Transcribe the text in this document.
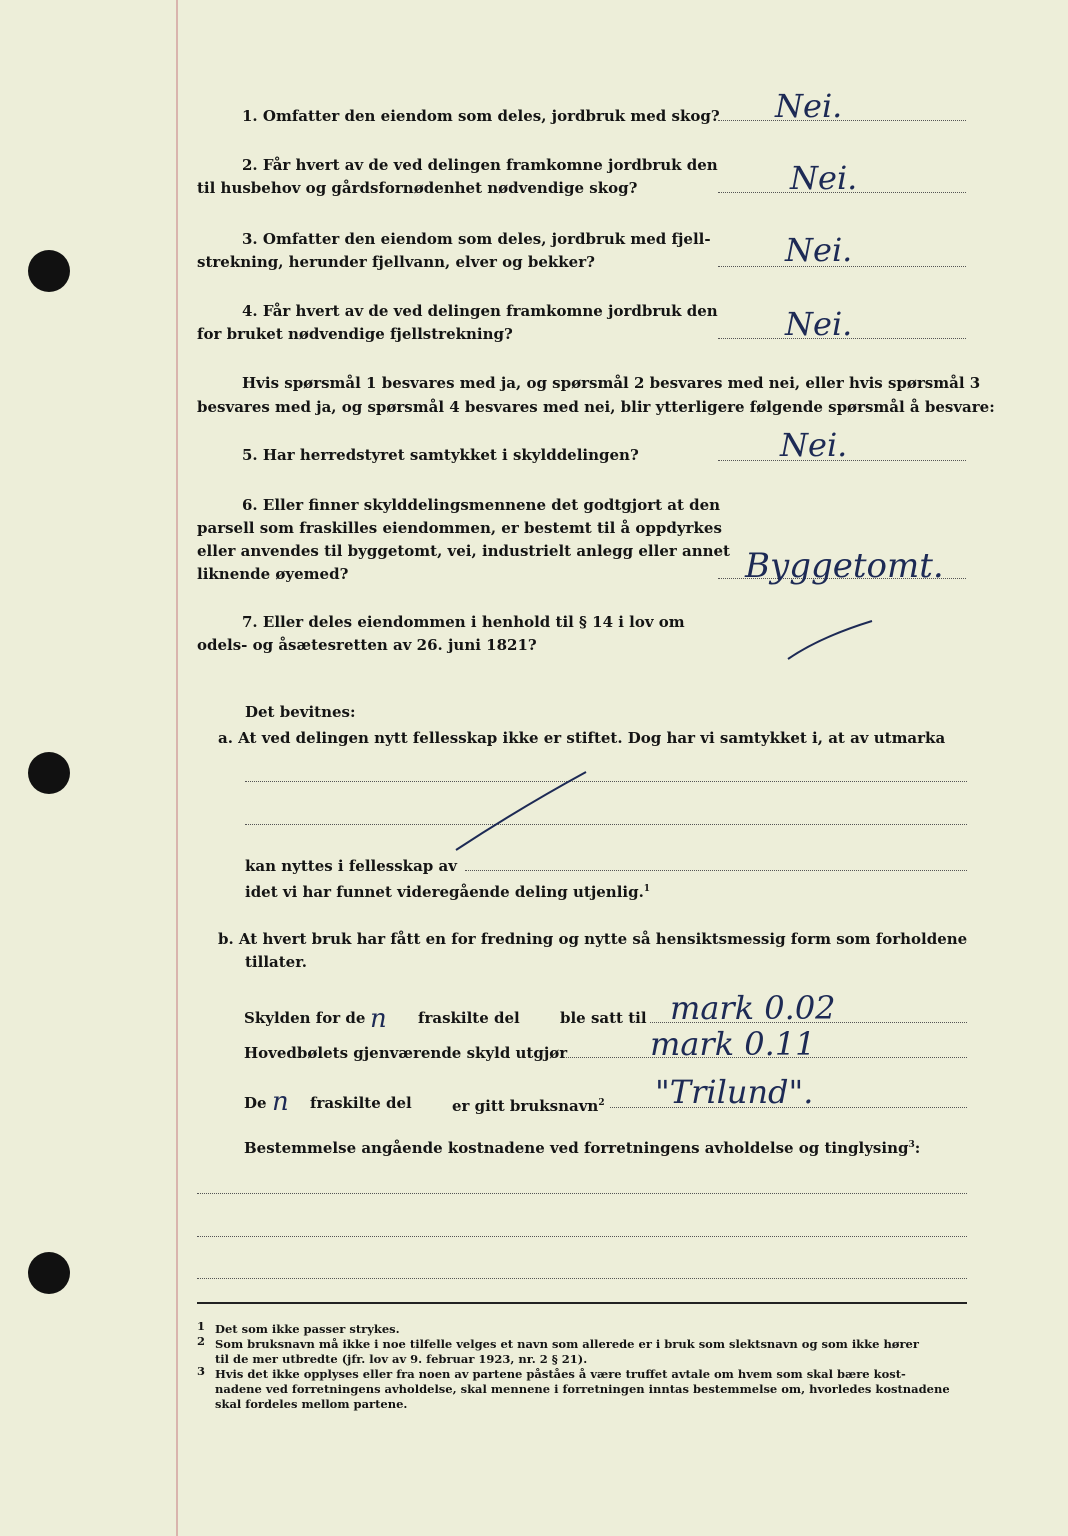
1. Omfatter den eiendom som deles, jordbruk med skog? Nei.
2. Får hvert av de ved delingen framkomne jordbruk den
til husbehov og gårdsfornødenhet nødvendige skog?	Nei.
3. Omfatter den eiendom som deles, jordbruk med fjell-
strekning, herunder fjellvann, elver og bekker?	Nei.
4. Får hvert av de ved delingen framkomne jordbruk den
for bruket nødvendige fjellstrekning?	Nei.
Hvis spørsmål 1 besvares med ja, og spørsmål 2 besvares med nei, eller hvis spørsmål 3
besvares med ja, og spørsmål 4 besvares med nei, blir ytterligere følgende spørsmål å besvare:
5. Har herredstyret samtykket i skylddelingen?	Nei.
6. Eller finner skylddelingsmennene det godtgjort at den
parsell som fraskilles eiendommen, er bestemt til å oppdyrkes
eller anvendes til byggetomt, vei, industrielt anlegg eller annet
liknende øyemed?	Byggetomt.
7. Eller deles eiendommen i henhold til § 14 i lov om
odels- og åsætesretten av 26. juni 1821?
Det bevitnes:
a. At ved delingen nytt fellesskap ikke er stiftet. Dog har vi samtykket i, at av utmarka
kan nyttes i fellesskap av
idet vi har funnet videregående deling utjenlig.$^1$
b. At hvert bruk har fått en for fredning og nytte så hensiktsmessig form som forholdene
tillater.
Skylden for de n fraskilte del	ble satt til mark 0.02
Hovedbølets gjenværende skyld utgjør	mark 0.11
De n fraskilte del	er gitt bruksnavn$^2$ "Trilund".
Bestemmelse angående kostnadene ved forretningens avholdelse og tinglysing$^3$:
1 Det som ikke passer strykes.
2 Som bruksnavn må ikke i noe tilfelle velges et navn som allerede er i bruk som slektsnavn og som ikke hører
til de mer utbredte (jfr. lov av 9. februar 1923, nr. 2 § 21).
3 Hvis det ikke opplyses eller fra noen av partene påståes å være truffet avtale om hvem som skal bære kost-
nadene ved forretningens avholdelse, skal mennene i forretningen inntas bestemmelse om, hvorledes kostnadene
skal fordeles mellom partene.
